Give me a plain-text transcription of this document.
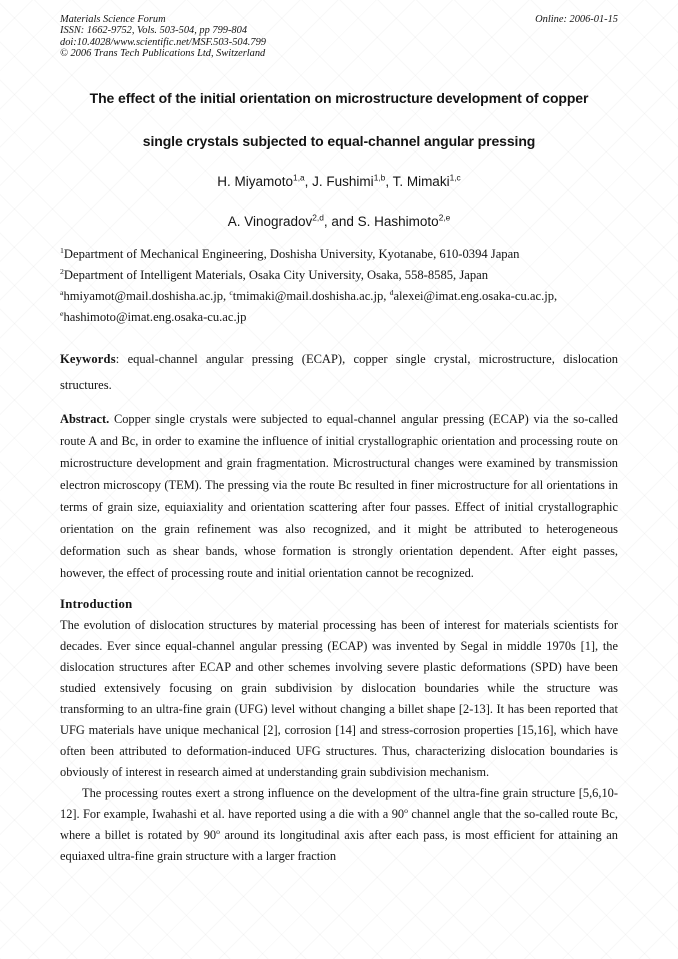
Materials Science Forum
ISSN: 1662-9752, Vols. 503-504, pp 799-804
doi:10.4028/www.scientific.net/MSF.503-504.799
© 2006 Trans Tech Publications Ltd, Switzerland
Online: 2006-01-15
The effect of the initial orientation on microstructure development of copper
single crystals subjected to equal-channel angular pressing
H. Miyamoto$^{1,a}$, J. Fushimi$^{1,b}$, T. Mimaki$^{1,c}$
A. Vinogradov$^{2,d}$, and S. Hashimoto$^{2,e}$
$^1$Department of Mechanical Engineering, Doshisha University, Kyotanabe, 610-0394 Japan
$^2$Department of Intelligent Materials, Osaka City University, Osaka, 558-8585, Japan
$^a$hmiyamot@mail.doshisha.ac.jp, $^c$tmimaki@mail.doshisha.ac.jp, $^d$alexei@imat.eng.osaka-cu.ac.jp, $^e$hashimoto@imat.eng.osaka-cu.ac.jp
Keywords: equal-channel angular pressing (ECAP), copper single crystal, microstructure, dislocation structures.
Abstract. Copper single crystals were subjected to equal-channel angular pressing (ECAP) via the so-called route A and Bc, in order to examine the influence of initial crystallographic orientation and processing route on microstructure development and grain fragmentation. Microstructural changes were examined by transmission electron microscopy (TEM). The pressing via the route Bc resulted in finer microstructure for all orientations in terms of grain size, equiaxiality and orientation scattering after four passes. Effect of initial crystallographic orientation on the grain refinement was also recognized, and it might be attributed to heterogeneous deformation such as shear bands, whose formation is strongly orientation dependent. After eight passes, however, the effect of processing route and initial orientation cannot be recognized.
Introduction

The evolution of dislocation structures by material processing has been of interest for materials scientists for decades. Ever since equal-channel angular pressing (ECAP) was invented by Segal in middle 1970s [1], the dislocation structures after ECAP and other schemes involving severe plastic deformations (SPD) have been studied extensively focusing on grain subdivision by dislocation boundaries while the structure was transforming to an ultra-fine grain (UFG) level without changing a billet shape [2-13]. It has been reported that UFG materials have unique mechanical [2], corrosion [14] and stress-corrosion properties [15,16], which have often been attributed to deformation-induced UFG structures. Thus, characterizing dislocation boundaries is obviously of interest in research aimed at understanding grain subdivision mechanism.

The processing routes exert a strong influence on the development of the ultra-fine grain structure [5,6,10-12]. For example, Iwahashi et al. have reported using a die with a 90$^o$ channel angle that the so-called route Bc, where a billet is rotated by 90$^o$ around its longitudinal axis after each pass, is most efficient for attaining an equiaxed ultra-fine grain structure with a larger fraction
